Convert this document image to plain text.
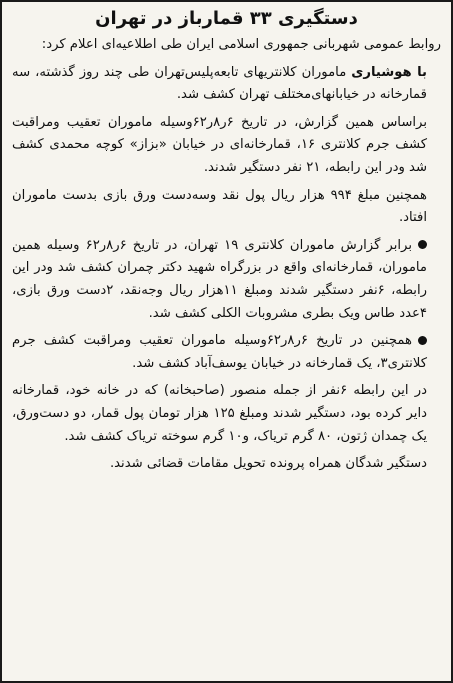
دستگیری ۳۳ قمارباز در تهران
روابط عمومی شهربانی جمهوری اسلامی ایران طی اطلاعیه‌ای اعلام کرد:
با هوشیاری ماموران کلانتریهای تابعه‌پلیس‌تهران طی چند روز گذشته، سه قمارخانه در خیابانهای‌مختلف تهران کشف شد.
براساس همین گزارش، در تاریخ ۶ر۸ر۶۲وسیله ماموران تعقیب ومراقبت کشف جرم کلانتری ۱۶، قمارخانه‌ای در خیابان «بزاز» کوچه محمدی کشف شد ودر این رابطه، ۲۱ نفر دستگیر شدند.
همچنین مبلغ ۹۹۴ هزار ریال پول نقد وسه‌دست ورق بازی بدست ماموران افتاد.
برابر گزارش ماموران کلانتری ۱۹ تهران، در تاریخ ۶ر۸ر۶۲ وسیله همین ماموران، قمارخانه‌ای واقع در بزرگراه شهید دکتر چمران کشف شد ودر این رابطه، ۶نفر دستگیر شدند ومبلغ ۱۱هزار ریال وجه‌نقد، ۲دست ورق بازی، ۴عدد طاس ویک بطری مشروبات الکلی کشف شد.
همچنین در تاریخ ۶ر۸ر۶۲وسیله ماموران تعقیب ومراقبت کشف جرم کلانتری۳، یک قمارخانه در خیابان یوسف‌آباد کشف شد.
در این رابطه ۶نفر از جمله منصور (صاحبخانه) که در خانه خود، قمارخانه دایر کرده بود، دستگیر شدند ومبلغ ۱۲۵ هزار تومان پول قمار، دو دست‌ورق، یک چمدان ژتون، ۸۰ گرم تریاک، و۱۰ گرم سوخته تریاک کشف شد.
دستگیر شدگان همراه پرونده تحویل مقامات قضائی شدند.
